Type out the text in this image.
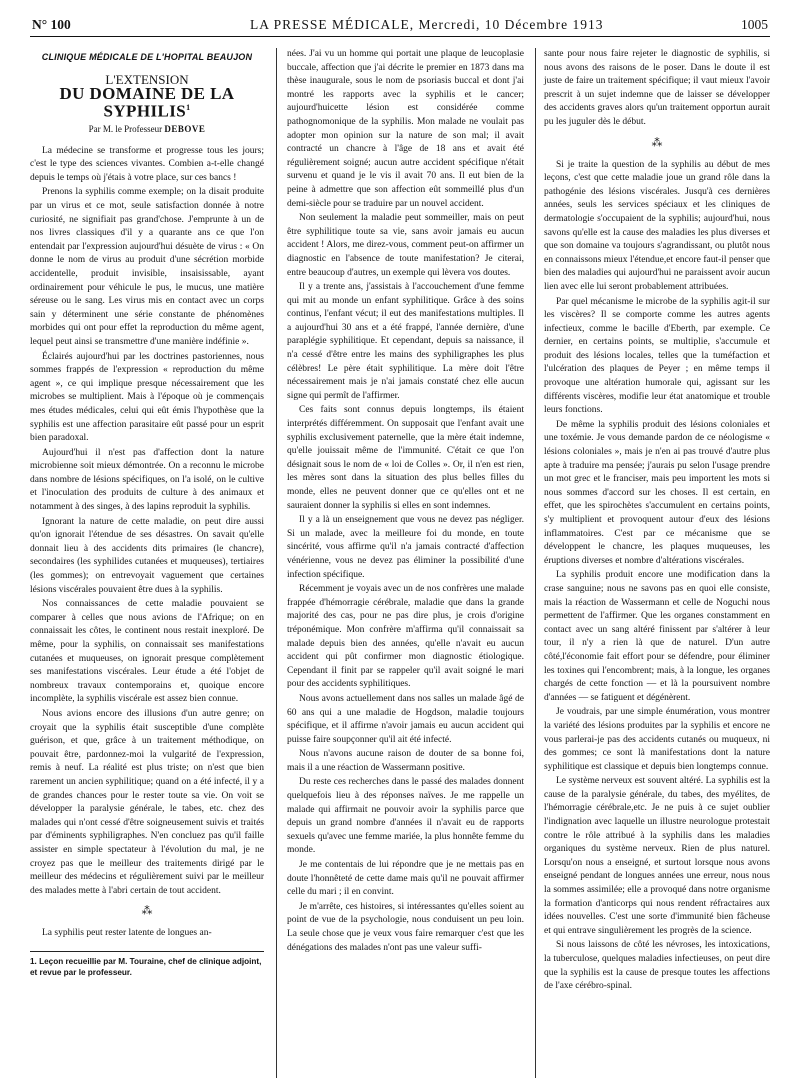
N° 100	LA PRESSE MÉDICALE, Mercredi, 10 Décembre 1913	1005
CLINIQUE MÉDICALE DE L'HOPITAL BEAUJON
L'EXTENSION
DU DOMAINE DE LA SYPHILIS$^1$
Par M. le Professeur DEBOVE

La médecine se transforme et progresse tous les jours; c'est le type des sciences vivantes. Combien a-t-elle changé depuis le temps où j'étais à votre place, sur ces bancs !

Prenons la syphilis comme exemple; on la disait produite par un virus et ce mot, seule satisfaction donnée à notre curiosité, ne signifiait pas grand'chose. J'emprunte à un de nos livres classiques d'il y a quarante ans ce que l'on entendait par l'expression aujourd'hui désuète de virus : « On donne le nom de virus au produit d'une sécrétion morbide accidentelle, produit invisible, insaisissable, ayant ordinairement pour véhicule le pus, le mucus, une matière séreuse ou le sang. Les virus mis en contact avec un corps sain y déterminent une série constante de phénomènes morbides qui ont pour effet la reproduction du même agent, lequel peut ainsi se transmettre d'une manière indéfinie ».

Éclairés aujourd'hui par les doctrines pastoriennes, nous sommes frappés de l'expression « reproduction du même agent », ce qui implique presque nécessairement que les microbes se multiplient. Mais à l'époque où je commençais mes études médicales, celui qui eût émis l'hypothèse que la syphilis est une affection parasitaire eût passé pour un esprit bien paradoxal.

Aujourd'hui il n'est pas d'affection dont la nature microbienne soit mieux démontrée. On a reconnu le microbe dans nombre de lésions spécifiques, on l'a isolé, on le cultive et l'inoculation des produits de culture à des animaux et notamment à des singes, à des lapins reproduit la syphilis.

Ignorant la nature de cette maladie, on peut dire aussi qu'on ignorait l'étendue de ses désastres. On savait qu'elle donnait lieu à des accidents dits primaires (le chancre), secondaires (les syphilides cutanées et muqueuses), tertiaires (les gommes); on entrevoyait vaguement que certaines lésions viscérales pouvaient être dues à la syphilis.

Nos connaissances de cette maladie pouvaient se comparer à celles que nous avions de l'Afrique; on en connaissait les côtes, le continent nous restait inexploré. De même, pour la syphilis, on connaissait ses manifestations cutanées et muqueuses, on ignorait presque complètement ses manifestations viscérales. Leur étude a été l'objet de nombreux travaux contemporains et, quoique encore incomplète, la syphilis viscérale est assez bien connue.

Nous avions encore des illusions d'un autre genre; on croyait que la syphilis était susceptible d'une complète guérison, et que, grâce à un traitement méthodique, on pouvait être, pardonnez-moi la vulgarité de l'expression, remis à neuf. La réalité est plus triste; on n'est que bien rarement un ancien syphilitique; quand on a été infecté, il y a de grandes chances pour le rester toute sa vie. On voit se développer la paralysie générale, le tabes, etc. chez des malades qui n'ont cessé d'être soigneusement suivis et traités par d'éminents syphiligraphes. N'en concluez pas qu'il faille assister en simple spectateur à l'évolution du mal, je ne croyez pas que le meilleur des traitements dirigé par le meilleur des médecins et régulièrement suivi par le meilleur des malades mette à l'abri certain de tout accident.

⁂

La syphilis peut rester latente de longues an-

1. Leçon recueillie par M. Touraine, chef de clinique adjoint, et revue par le professeur.

nées. J'ai vu un homme qui portait une plaque de leucoplasie buccale, affection que j'ai décrite le premier en 1873 dans ma thèse inaugurale, sous le nom de psoriasis buccal et dont j'ai montré les rapports avec la syphilis et le cancer; aujourd'huicette lésion est considérée comme pathognomonique de la syphilis. Mon malade ne voulait pas adopter mon opinion sur la nature de son mal; il avait contracté un chancre à l'âge de 18 ans et avait été régulièrement soigné; aucun autre accident spécifique n'était survenu et quand je le vis il avait 70 ans. Il eut bien de la peine à admettre que son affection eût sommeillé plus d'un demi-siècle pour se traduire par un nouvel accident.

Non seulement la maladie peut sommeiller, mais on peut être syphilitique toute sa vie, sans avoir jamais eu aucun accident ! Alors, me direz-vous, comment peut-on affirmer un diagnostic en l'absence de toute manifestation? Je citerai, entre beaucoup d'autres, un exemple qui lèvera vos doutes.

Il y a trente ans, j'assistais à l'accouchement d'une femme qui mit au monde un enfant syphilitique. Grâce à des soins continus, l'enfant vécut; il eut des manifestations multiples. Il a aujourd'hui 30 ans et a été frappé, l'année dernière, d'une paraplégie syphilitique. Et cependant, depuis sa naissance, il n'a cessé d'être entre les mains des syphiligraphes les plus célèbres! Le père était syphilitique. La mère doit l'être nécessairement mais je n'ai jamais constaté chez elle aucun signe qui permît de l'affirmer.

Ces faits sont connus depuis longtemps, ils étaient interprétés différemment. On supposait que l'enfant avait une syphilis exclusivement paternelle, que la mère était indemne, qu'elle jouissait même de l'immunité. C'était ce que l'on désignait sous le nom de « loi de Colles ». Or, il n'en est rien, les mères sont dans la situation des plus belles filles du monde, elles ne peuvent donner que ce qu'elles ont et ne sauraient donner la syphilis si elles en sont indemnes.

Il y a là un enseignement que vous ne devez pas négliger. Si un malade, avec la meilleure foi du monde, en toute sincérité, vous affirme qu'il n'a jamais contracté d'affection vénérienne, vous ne devez pas éliminer la possibilité d'une infection spécifique.

Récemment je voyais avec un de nos confrères une malade frappée d'hémorragie cérébrale, maladie que dans la grande majorité des cas, pour ne pas dire plus, je crois d'origine tréponémique. Mon confrère m'affirma qu'il connaissait sa malade depuis bien des années, qu'elle n'avait eu aucun accident qui pût confirmer mon diagnostic étiologique. Cependant il finit par se rappeler qu'il avait soigné le mari pour des accidents syphilitiques.

Nous avons actuellement dans nos salles un malade âgé de 60 ans qui a une maladie de Hogdson, maladie toujours spécifique, et il affirme n'avoir jamais eu aucun accident qui puisse faire soupçonner qu'il ait été infecté.

Nous n'avons aucune raison de douter de sa bonne foi, mais il a une réaction de Wassermann positive.

Du reste ces recherches dans le passé des malades donnent quelquefois lieu à des réponses naïves. Je me rappelle un malade qui affirmait ne pouvoir avoir la syphilis parce que depuis un grand nombre d'années il n'avait eu de rapports sexuels qu'avec une femme mariée, la plus honnête femme du monde.

Je me contentais de lui répondre que je ne mettais pas en doute l'honnêteté de cette dame mais qu'il ne pouvait affirmer celle du mari ; il en convint.

Je m'arrête, ces histoires, si intéressantes qu'elles soient au point de vue de la psychologie, nous conduisent un peu loin. La seule chose que je veux vous faire remarquer c'est que les dénégations des malades n'ont pas une valeur suffi-

sante pour nous faire rejeter le diagnostic de syphilis, si nous avons des raisons de le poser. Dans le doute il est juste de faire un traitement spécifique; il vaut mieux l'avoir prescrit à un sujet indemne que de laisser se développer des accidents graves alors qu'un traitement opportun aurait pu les juguler dès le début.

⁂

Si je traite la question de la syphilis au début de mes leçons, c'est que cette maladie joue un grand rôle dans la pathogénie des lésions viscérales. Jusqu'à ces dernières années, seuls les services spéciaux et les cliniques de dermatologie s'occupaient de la syphilis; aujourd'hui, nous savons qu'elle est la cause des maladies les plus diverses et que son domaine va toujours s'agrandissant, ou plutôt nous en connaissons mieux l'étendue,et encore faut-il penser que bien des maladies qui aujourd'hui ne paraissent avoir aucun lien avec elle lui seront probablement attribuées.

Par quel mécanisme le microbe de la syphilis agit-il sur les viscères? Il se comporte comme les autres agents infectieux, comme le bacille d'Eberth, par exemple. Ce dernier, en certains points, se multiplie, s'accumule et produit des lésions locales, telles que la tuméfaction et l'ulcération des plaques de Peyer ; en même temps il provoque une altération humorale qui, agissant sur les différents viscères, modifie leur état anatomique et trouble leurs fonctions.

De même la syphilis produit des lésions coloniales et une toxémie. Je vous demande pardon de ce néologisme « lésions coloniales », mais je n'en ai pas trouvé d'autre plus apte à traduire ma pensée; j'aurais pu selon l'usage prendre un mot grec et le franciser, mais peu importent les mots si nous sommes d'accord sur les choses. Il est certain, en effet, que les spirochètes s'accumulent en certains points, s'y multiplient et provoquent autour d'eux des lésions inflammatoires. C'est par ce mécanisme que se développent le chancre, les plaques muqueuses, les éruptions diverses et nombre d'altérations viscérales.

La syphilis produit encore une modification dans la crase sanguine; nous ne savons pas en quoi elle consiste, mais la réaction de Wassermann et celle de Noguchi nous permettent de l'affirmer. Que les organes constamment en contact avec un sang altéré finissent par s'altérer à leur tour, il n'y a rien là que de naturel. D'un autre côté,l'économie fait effort pour se défendre, pour éliminer les toxines qui l'encombrent; mais, à la longue, les organes chargés de cette fonction — et là la poursuivent nombre d'années — se fatiguent et dégénèrent.

Je voudrais, par une simple énumération, vous montrer la variété des lésions produites par la syphilis et encore ne vous parlerai-je pas des accidents cutanés ou muqueux, ni des gommes; ce sont là manifestations dont la nature syphilitique est classique et depuis bien longtemps connue.

Le système nerveux est souvent altéré. La syphilis est la cause de la paralysie générale, du tabes, des myélites, de l'hémorragie cérébrale,etc. Je ne puis à ce sujet oublier l'indignation avec laquelle un illustre neurologue protestait contre le rôle attribué à la syphilis dans les maladies organiques du système nerveux. Rien de plus naturel. Lorsqu'on nous a enseigné, et surtout lorsque nous avons enseigné pendant de longues années une erreur, nous nous la sommes assimilée; elle a provoqué dans notre organisme la formation d'anticorps qui nous rendent réfractaires aux idées nouvelles. C'est une sorte d'immunité bien fâcheuse et qui entrave singulièrement les progrès de la science.

Si nous laissons de côté les névroses, les intoxications, la tuberculose, quelques maladies infectieuses, on peut dire que la syphilis est la cause de presque toutes les affections de l'axe cérébro-spinal.
